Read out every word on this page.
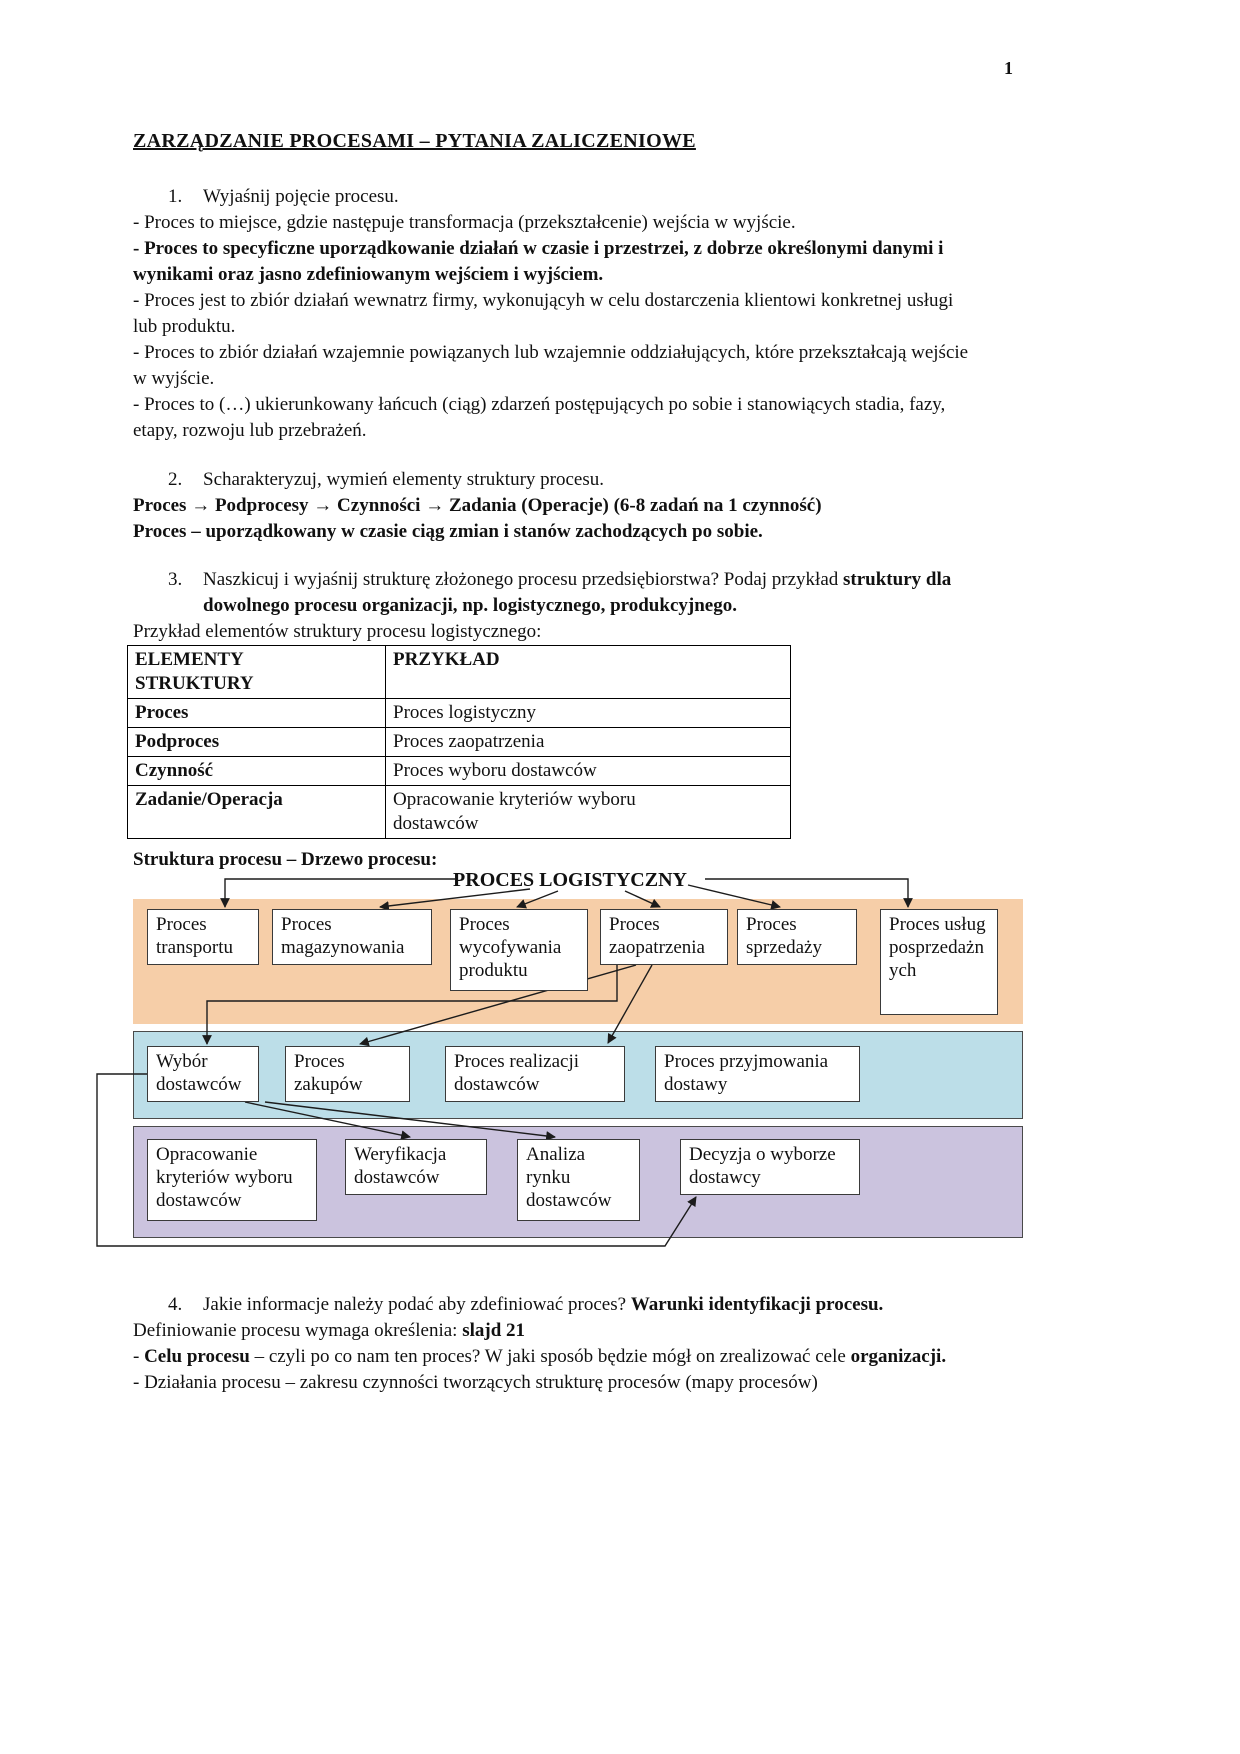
1
ZARZĄDZANIE PROCESAMI – PYTANIA ZALICZENIOWE
1. Wyjaśnij pojęcie procesu.
- Proces to miejsce, gdzie następuje transformacja (przekształcenie) wejścia w wyjście.
- Proces to specyficzne uporządkowanie działań w czasie i przestrzei, z dobrze określonymi danymi i wynikami oraz jasno zdefiniowanym wejściem i wyjściem.
- Proces jest to zbiór działań wewnatrz firmy, wykonującyh w celu dostarczenia klientowi konkretnej usługi lub produktu.
- Proces to zbiór działań wzajemnie powiązanych lub wzajemnie oddziałujących, które przekształcają wejście w wyjście.
- Proces to (…) ukierunkowany łańcuch (ciąg) zdarzeń postępujących po sobie i stanowiących stadia, fazy, etapy, rozwoju lub przebrażeń.
2. Scharakteryzuj, wymień elementy struktury procesu.
Proces → Podprocesy → Czynności → Zadania (Operacje) (6-8 zadań na 1 czynność)
Proces – uporządkowany w czasie ciąg zmian i stanów zachodzących po sobie.
3. Naszkicuj i wyjaśnij strukturę złożonego procesu przedsiębiorstwa? Podaj przykład struktury dla dowolnego procesu organizacji, np. logistycznego, produkcyjnego.
Przykład elementów struktury procesu logistycznego:
ELEMENTY STRUKTURY	PRZYKŁAD
Proces	Proces logistyczny
Podproces	Proces zaopatrzenia
Czynność	Proces wyboru dostawców
Zadanie/Operacja	Opracowanie kryteriów wyboru dostawców
Struktura procesu – Drzewo procesu:
PROCES LOGISTYCZNY
Proces transportu
Proces magazynowania
Proces wycofywania produktu
Proces zaopatrzenia
Proces sprzedaży
Proces usług posprzedażnych
Wybór dostawców
Proces zakupów
Proces realizacji dostawców
Proces przyjmowania dostawy
Opracowanie kryteriów wyboru dostawców
Weryfikacja dostawców
Analiza rynku dostawców
Decyzja o wyborze dostawcy
4. Jakie informacje należy podać aby zdefiniować proces? Warunki identyfikacji procesu.
Definiowanie procesu wymaga określenia: slajd 21
- Celu procesu – czyli po co nam ten proces? W jaki sposób będzie mógł on zrealizować cele organizacji.
- Działania procesu – zakresu czynności tworzących strukturę procesów (mapy procesów)
